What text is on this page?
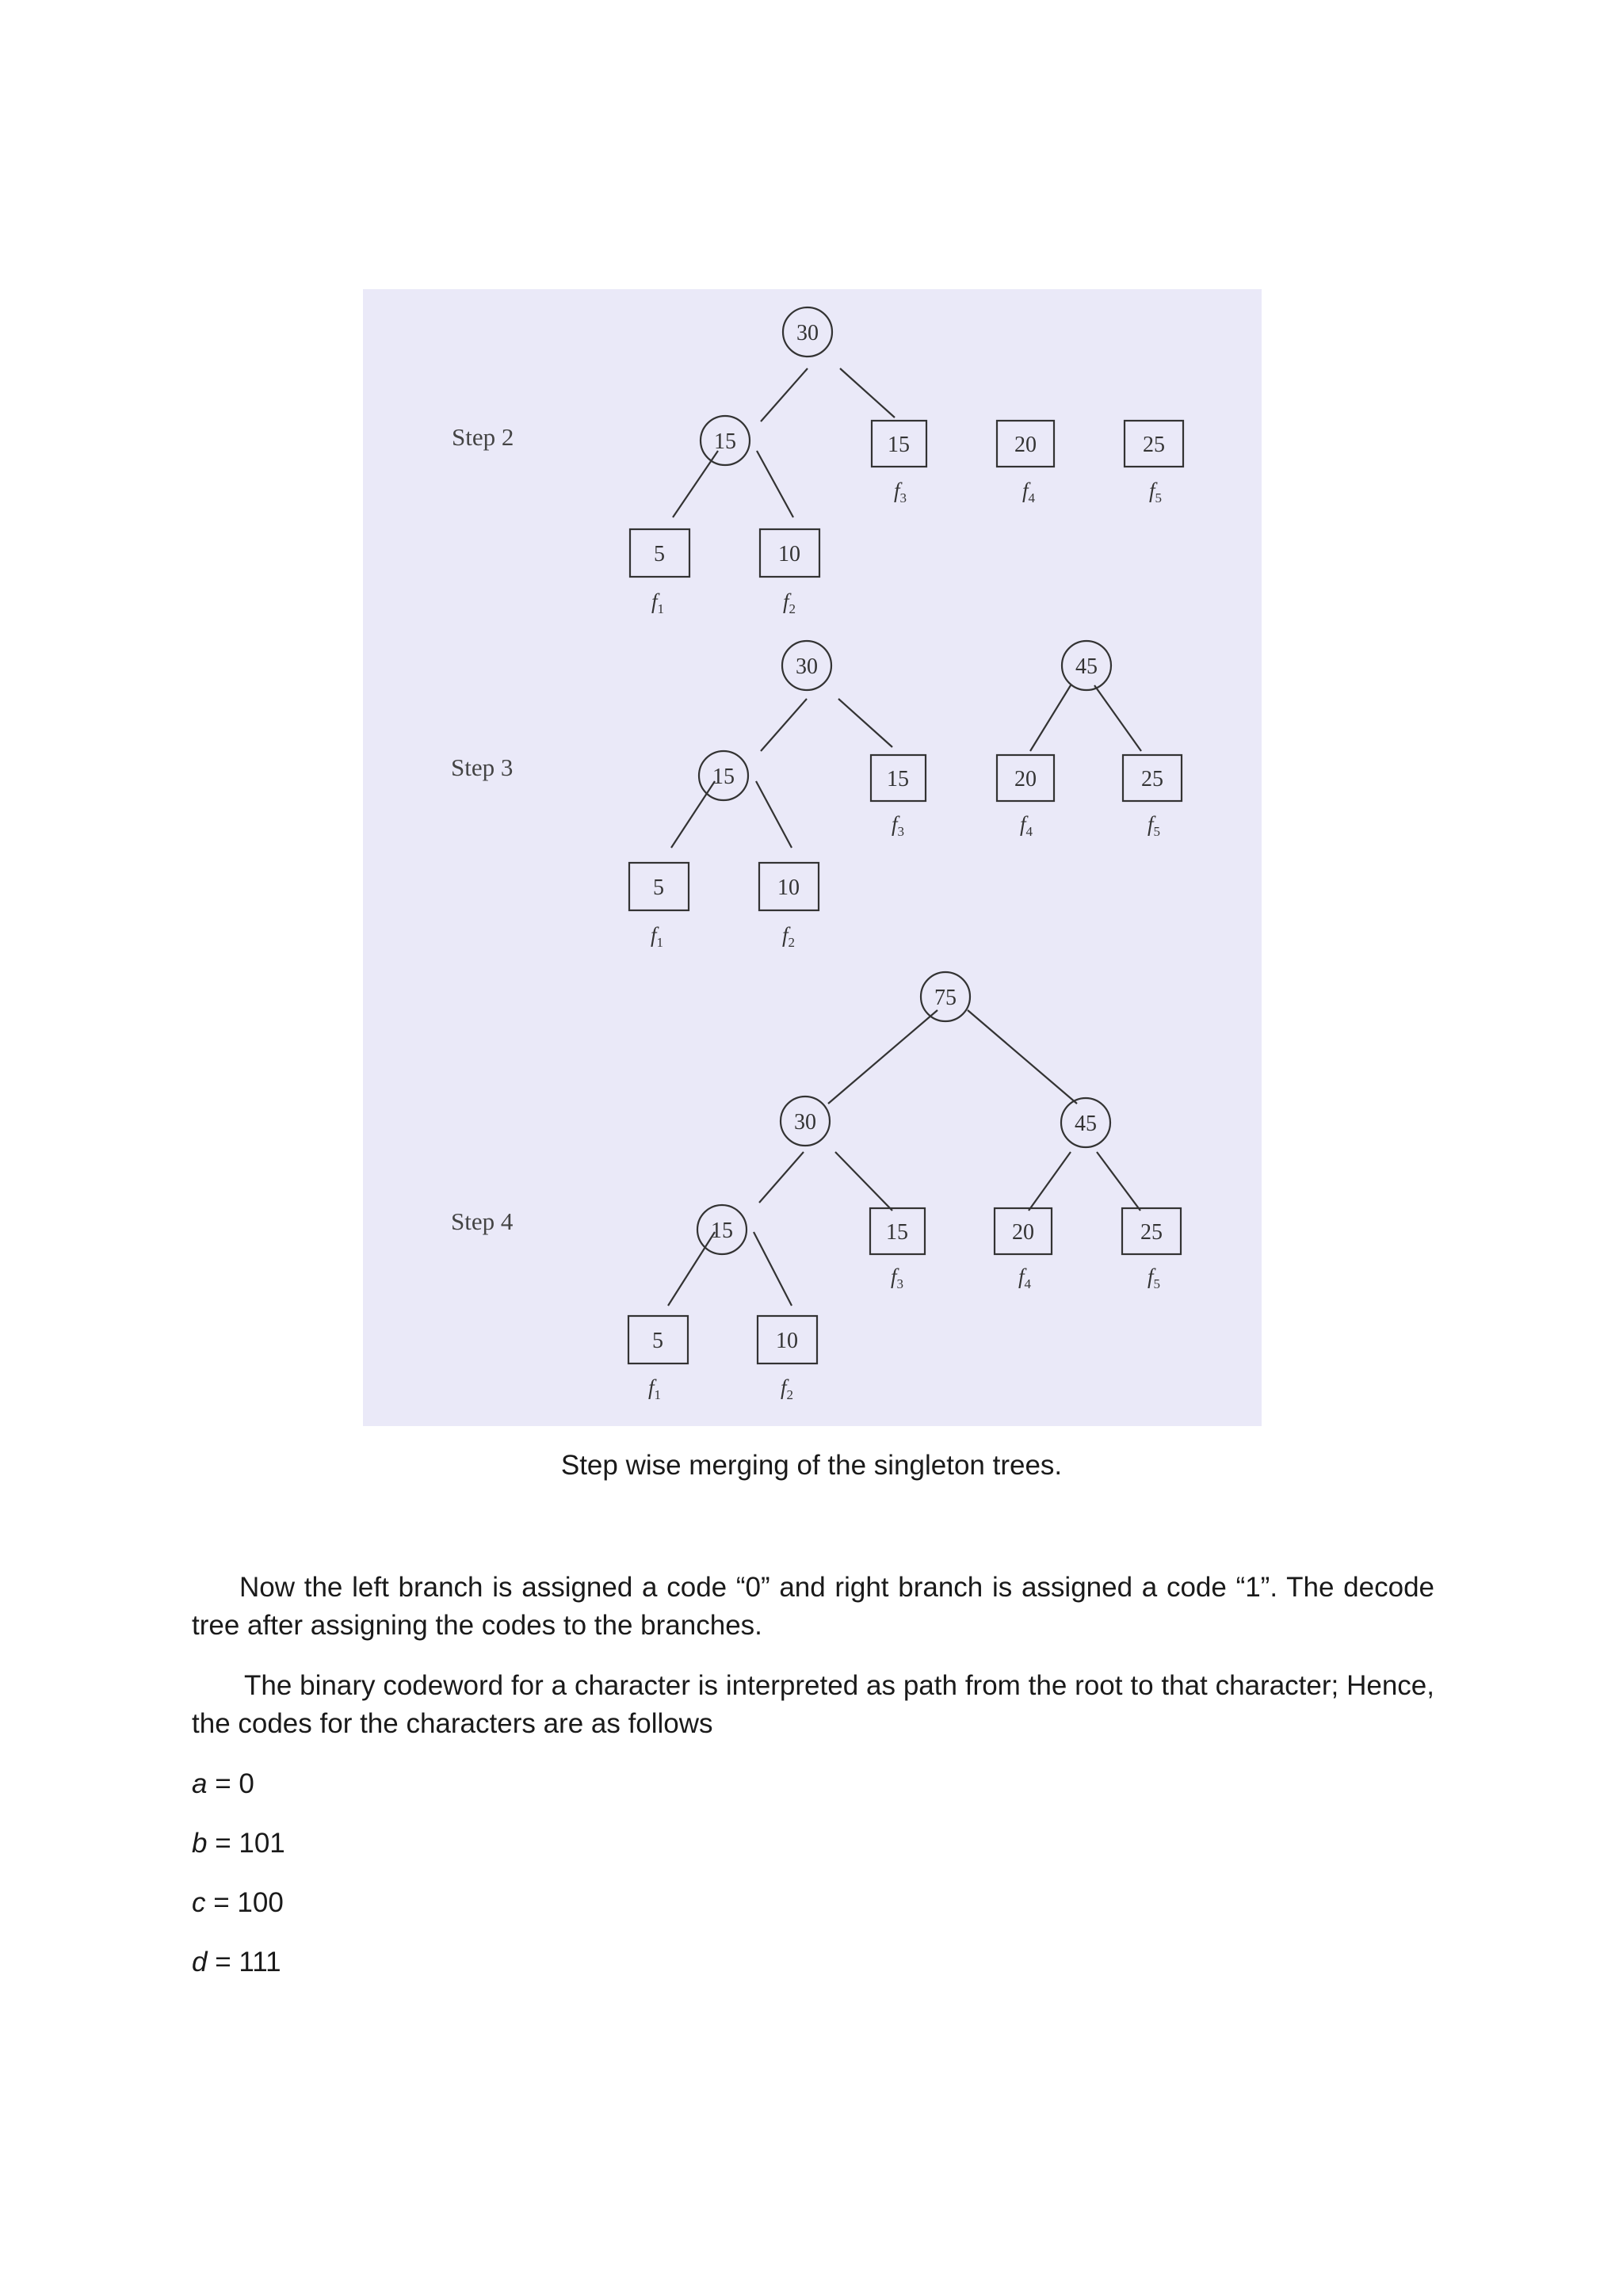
Step 2
30
15	15
$f_3$
20
$f_4$
25
$f_5$
5
$f_1$
10
$f_2$
Step 3
30
15
45
15
$f_3$
20
$f_4$
25
$f_5$
5
$f_1$
10
$f_2$
Step 4
75
30	45
15	15
$f_3$
20
$f_4$
25
$f_5$
5
$f_1$
10
$f_2$
Step wise merging of the singleton trees.

Now the left branch is assigned a code “0” and right branch is assigned a code “1”. The decode tree after assigning the codes to the branches.

The binary codeword for a character is interpreted as path from the root to that character; Hence, the codes for the characters are as follows

a = 0

b = 101

c = 100

d = 111
